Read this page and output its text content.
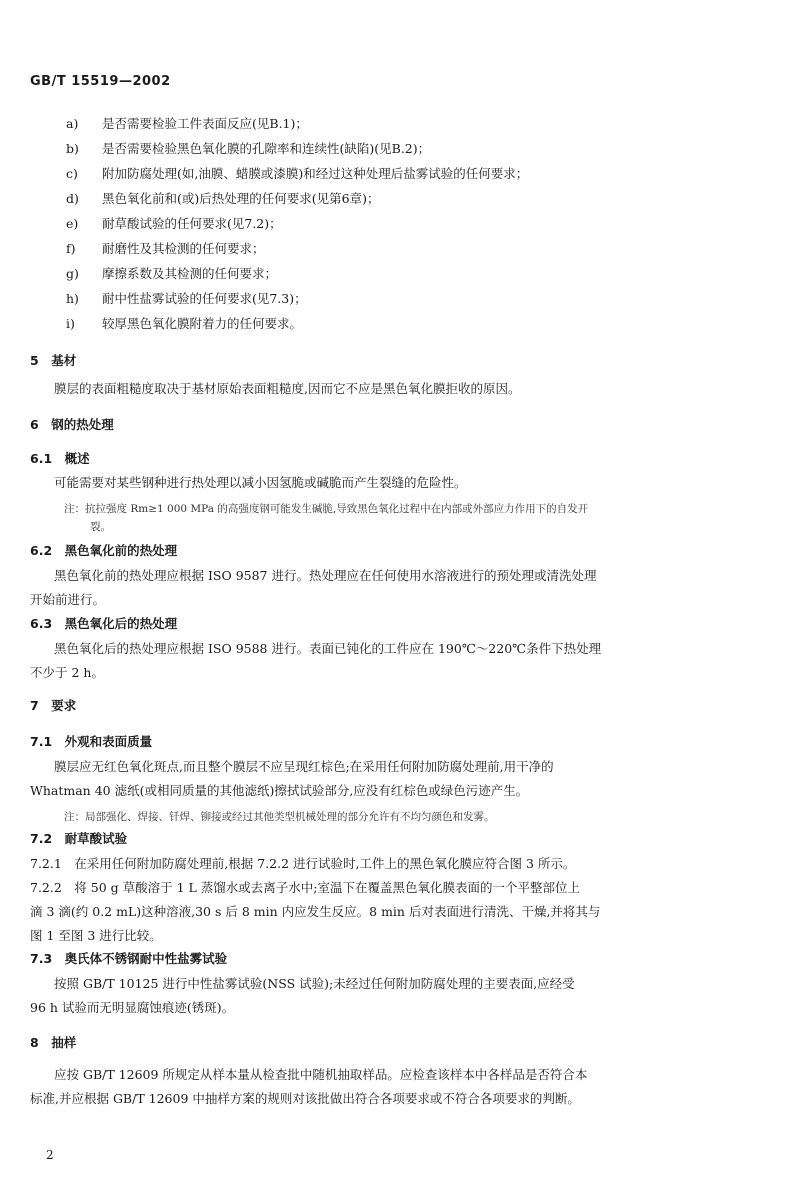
GB/T 15519—2002
a) 是否需要检验工件表面反应(见B.1)；
b) 是否需要检验黑色氧化膜的孔隙率和连续性(缺陷)(见B.2)；
c) 附加防腐处理(如,油膜、蜡膜或漆膜)和经过这种处理后盐雾试验的任何要求；
d) 黑色氧化前和(或)后热处理的任何要求(见第6章)；
e) 耐草酸试验的任何要求(见7.2)；
f) 耐磨性及其检测的任何要求；
g) 摩擦系数及其检测的任何要求；
h) 耐中性盐雾试验的任何要求(见7.3)；
i) 较厚黑色氧化膜附着力的任何要求。
5　基材
膜层的表面粗糙度取决于基材原始表面粗糙度,因而它不应是黑色氧化膜拒收的原因。
6　钢的热处理
6.1　概述
可能需要对某些钢种进行热处理以减小因氢脆或碱脆而产生裂缝的危险性。
注：抗拉强度 Rm≥1 000 MPa 的高强度钢可能发生碱脆,导致黑色氧化过程中在内部或外部应力作用下的自发开
裂。
6.2　黑色氧化前的热处理
黑色氧化前的热处理应根据 ISO 9587 进行。热处理应在任何使用水溶液进行的预处理或清洗处理
开始前进行。
6.3　黑色氧化后的热处理
黑色氧化后的热处理应根据 ISO 9588 进行。表面已钝化的工件应在 190℃～220℃条件下热处理
不少于 2 h。
7　要求
7.1　外观和表面质量
膜层应无红色氧化斑点,而且整个膜层不应呈现红棕色;在采用任何附加防腐处理前,用干净的
Whatman 40 滤纸(或相同质量的其他滤纸)擦拭试验部分,应没有红棕色或绿色污迹产生。
注：局部强化、焊接、钎焊、铆接或经过其他类型机械处理的部分允许有不均匀颜色和发雾。
7.2　耐草酸试验
7.2.1　在采用任何附加防腐处理前,根据 7.2.2 进行试验时,工件上的黑色氧化膜应符合图 3 所示。
7.2.2　将 50 g 草酸溶于 1 L 蒸馏水或去离子水中;室温下在覆盖黑色氧化膜表面的一个平整部位上
滴 3 滴(约 0.2 mL)这种溶液,30 s 后 8 min 内应发生反应。8 min 后对表面进行清洗、干燥,并将其与
图 1 至图 3 进行比较。
7.3　奥氏体不锈钢耐中性盐雾试验
按照 GB/T 10125 进行中性盐雾试验(NSS 试验);未经过任何附加防腐处理的主要表面,应经受
96 h 试验而无明显腐蚀痕迹(锈斑)。
8　抽样
应按 GB/T 12609 所规定从样本量从检查批中随机抽取样品。应检查该样本中各样品是否符合本
标准,并应根据 GB/T 12609 中抽样方案的规则对该批做出符合各项要求或不符合各项要求的判断。
2
